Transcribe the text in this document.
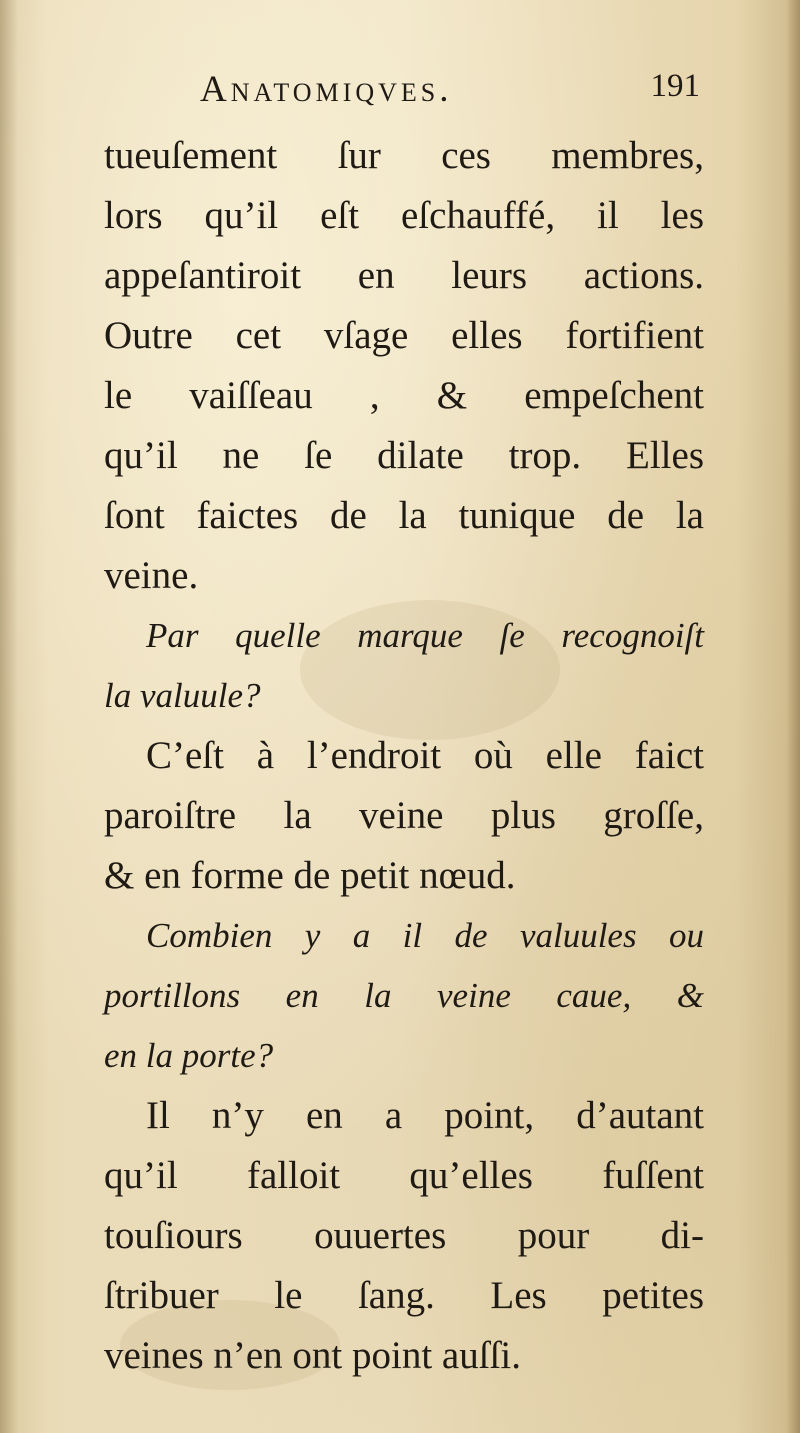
Anatomiqves.	191
tueuſement ſur ces membres,
lors qu’il eſt eſchauffé, il les
appeſantiroit en leurs actions.
Outre cet vſage elles fortifient
le vaiſſeau , & empeſchent
qu’il ne ſe dilate trop. Elles
ſont faictes de la tunique de la
veine.
Par quelle marque ſe recognoiſt
la valuule?
C’eſt à l’endroit où elle faict
paroiſtre la veine plus groſſe,
& en forme de petit nœud.
Combien y a il de valuules ou
portillons en la veine caue, &
en la porte?
Il n’y en a point, d’autant
qu’il falloit qu’elles fuſſent
touſiours ouuertes pour di-
ſtribuer le ſang. Les petites
veines n’en ont point auſſi.
